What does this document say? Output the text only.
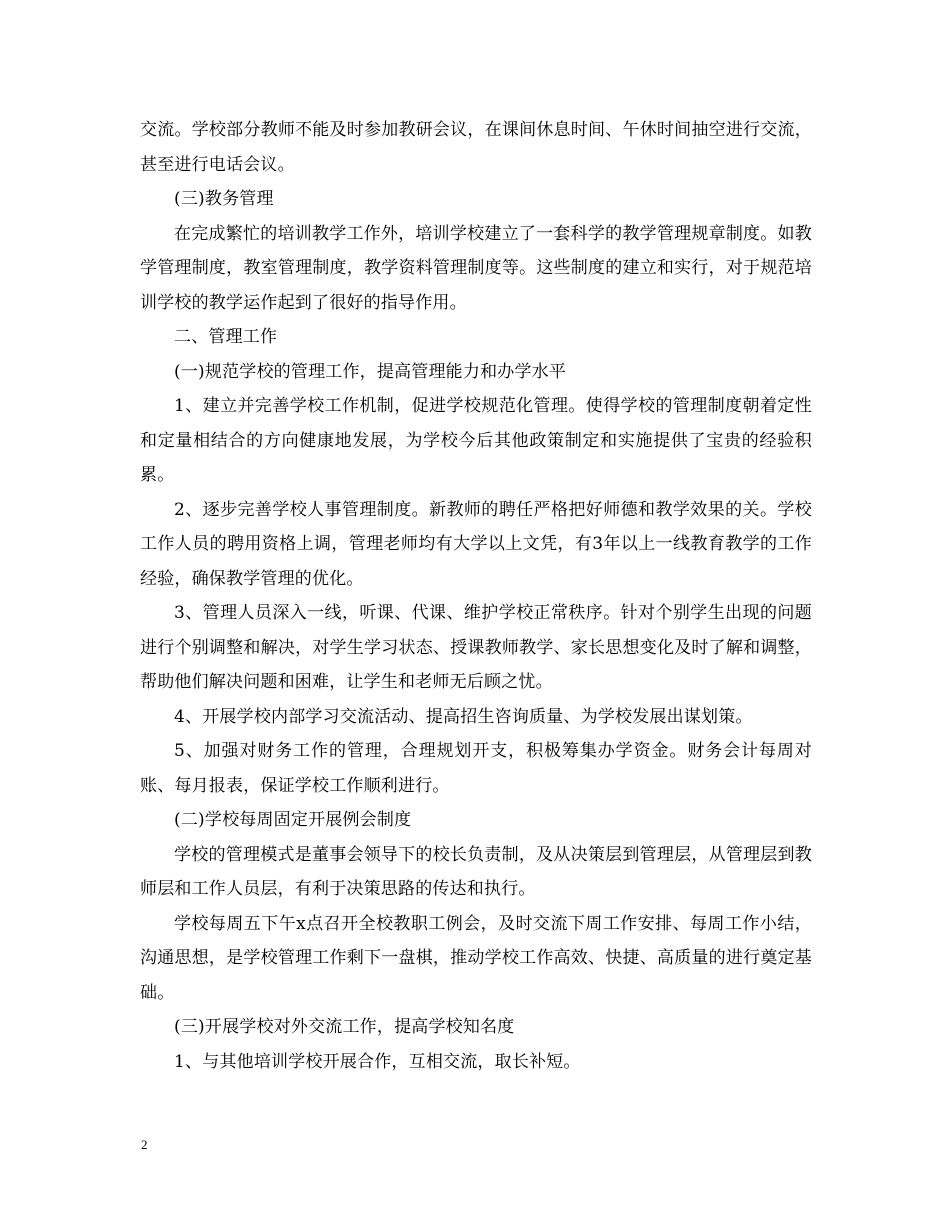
交流。学校部分教师不能及时参加教研会议，在课间休息时间、午休时间抽空进行交流，甚至进行电话会议。

(三)教务管理

在完成繁忙的培训教学工作外，培训学校建立了一套科学的教学管理规章制度。如教学管理制度，教室管理制度，教学资料管理制度等。这些制度的建立和实行，对于规范培训学校的教学运作起到了很好的指导作用。

二、管理工作

(一)规范学校的管理工作，提高管理能力和办学水平

1、建立并完善学校工作机制，促进学校规范化管理。使得学校的管理制度朝着定性和定量相结合的方向健康地发展，为学校今后其他政策制定和实施提供了宝贵的经验积累。

2、逐步完善学校人事管理制度。新教师的聘任严格把好师德和教学效果的关。学校工作人员的聘用资格上调，管理老师均有大学以上文凭，有3年以上一线教育教学的工作经验，确保教学管理的优化。

3、管理人员深入一线，听课、代课、维护学校正常秩序。针对个别学生出现的问题进行个别调整和解决，对学生学习状态、授课教师教学、家长思想变化及时了解和调整，帮助他们解决问题和困难，让学生和老师无后顾之忧。

4、开展学校内部学习交流活动、提高招生咨询质量、为学校发展出谋划策。

5、加强对财务工作的管理，合理规划开支，积极筹集办学资金。财务会计每周对账、每月报表，保证学校工作顺利进行。

(二)学校每周固定开展例会制度

学校的管理模式是董事会领导下的校长负责制，及从决策层到管理层，从管理层到教师层和工作人员层，有利于决策思路的传达和执行。

学校每周五下午x点召开全校教职工例会，及时交流下周工作安排、每周工作小结，沟通思想，是学校管理工作剩下一盘棋，推动学校工作高效、快捷、高质量的进行奠定基础。

(三)开展学校对外交流工作，提高学校知名度

1、与其他培训学校开展合作，互相交流，取长补短。

2
